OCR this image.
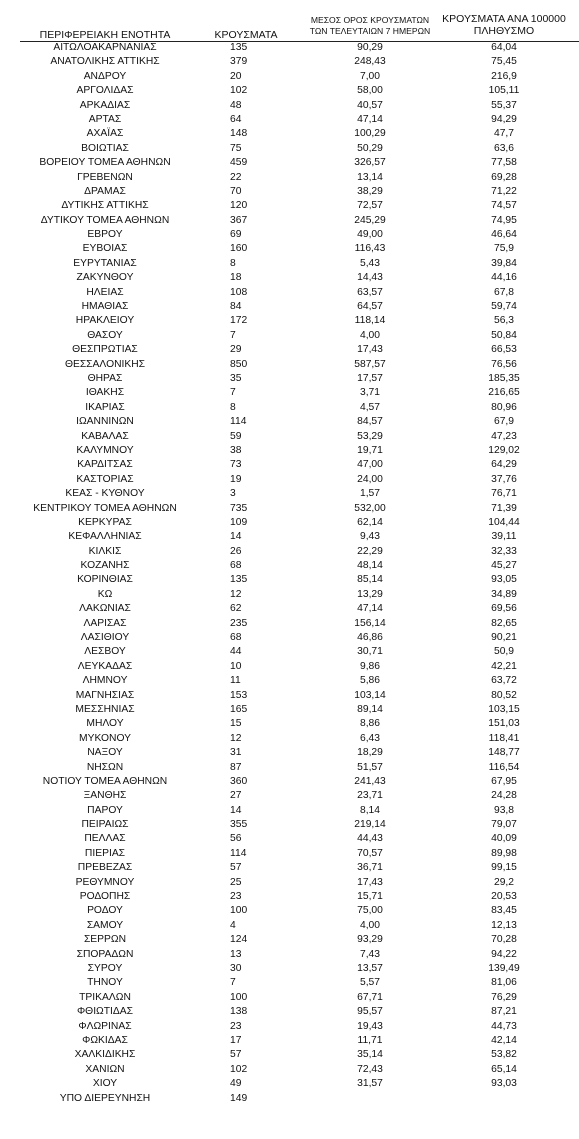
ΠΕΡΙΦΕΡΕΙΑΚΗ ΕΝΟΤΗΤΑ	ΚΡΟΥΣΜΑΤΑ
ΜΕΣΟΣ ΟΡΟΣ ΚΡΟΥΣΜΑΤΩΝ
ΤΩΝ ΤΕΛΕΥΤΑΙΩΝ 7 ΗΜΕΡΩΝ
ΚΡΟΥΣΜΑΤΑ ΑΝΑ 100000
ΠΛΗΘΥΣΜΟ
ΑΙΤΩΛΟΑΚΑΡΝΑΝΙΑΣ	135	90,29	64,04
ΑΝΑΤΟΛΙΚΗΣ ΑΤΤΙΚΗΣ	379	248,43	75,45
ΑΝΔΡΟΥ	20	7,00	216,9
ΑΡΓΟΛΙΔΑΣ	102	58,00	105,11
ΑΡΚΑΔΙΑΣ	48	40,57	55,37
ΑΡΤΑΣ	64	47,14	94,29
ΑΧΑΪΑΣ	148	100,29	47,7
ΒΟΙΩΤΙΑΣ	75	50,29	63,6
ΒΟΡΕΙΟΥ ΤΟΜΕΑ ΑΘΗΝΩΝ	459	326,57	77,58
ΓΡΕΒΕΝΩΝ	22	13,14	69,28
ΔΡΑΜΑΣ	70	38,29	71,22
ΔΥΤΙΚΗΣ ΑΤΤΙΚΗΣ	120	72,57	74,57
ΔΥΤΙΚΟΥ ΤΟΜΕΑ ΑΘΗΝΩΝ	367	245,29	74,95
ΕΒΡΟΥ	69	49,00	46,64
ΕΥΒΟΙΑΣ	160	116,43	75,9
ΕΥΡΥΤΑΝΙΑΣ	8	5,43	39,84
ΖΑΚΥΝΘΟΥ	18	14,43	44,16
ΗΛΕΙΑΣ	108	63,57	67,8
ΗΜΑΘΙΑΣ	84	64,57	59,74
ΗΡΑΚΛΕΙΟΥ	172	118,14	56,3
ΘΑΣΟΥ	7	4,00	50,84
ΘΕΣΠΡΩΤΙΑΣ	29	17,43	66,53
ΘΕΣΣΑΛΟΝΙΚΗΣ	850	587,57	76,56
ΘΗΡΑΣ	35	17,57	185,35
ΙΘΑΚΗΣ	7	3,71	216,65
ΙΚΑΡΙΑΣ	8	4,57	80,96
ΙΩΑΝΝΙΝΩΝ	114	84,57	67,9
ΚΑΒΑΛΑΣ	59	53,29	47,23
ΚΑΛΥΜΝΟΥ	38	19,71	129,02
ΚΑΡΔΙΤΣΑΣ	73	47,00	64,29
ΚΑΣΤΟΡΙΑΣ	19	24,00	37,76
ΚΕΑΣ - ΚΥΘΝΟΥ	3	1,57	76,71
ΚΕΝΤΡΙΚΟΥ ΤΟΜΕΑ ΑΘΗΝΩΝ	735	532,00	71,39
ΚΕΡΚΥΡΑΣ	109	62,14	104,44
ΚΕΦΑΛΛΗΝΙΑΣ	14	9,43	39,11
ΚΙΛΚΙΣ	26	22,29	32,33
ΚΟΖΑΝΗΣ	68	48,14	45,27
ΚΟΡΙΝΘΙΑΣ	135	85,14	93,05
ΚΩ	12	13,29	34,89
ΛΑΚΩΝΙΑΣ	62	47,14	69,56
ΛΑΡΙΣΑΣ	235	156,14	82,65
ΛΑΣΙΘΙΟΥ	68	46,86	90,21
ΛΕΣΒΟΥ	44	30,71	50,9
ΛΕΥΚΑΔΑΣ	10	9,86	42,21
ΛΗΜΝΟΥ	11	5,86	63,72
ΜΑΓΝΗΣΙΑΣ	153	103,14	80,52
ΜΕΣΣΗΝΙΑΣ	165	89,14	103,15
ΜΗΛΟΥ	15	8,86	151,03
ΜΥΚΟΝΟΥ	12	6,43	118,41
ΝΑΞΟΥ	31	18,29	148,77
ΝΗΣΩΝ	87	51,57	116,54
ΝΟΤΙΟΥ ΤΟΜΕΑ ΑΘΗΝΩΝ	360	241,43	67,95
ΞΑΝΘΗΣ	27	23,71	24,28
ΠΑΡΟΥ	14	8,14	93,8
ΠΕΙΡΑΙΩΣ	355	219,14	79,07
ΠΕΛΛΑΣ	56	44,43	40,09
ΠΙΕΡΙΑΣ	114	70,57	89,98
ΠΡΕΒΕΖΑΣ	57	36,71	99,15
ΡΕΘΥΜΝΟΥ	25	17,43	29,2
ΡΟΔΟΠΗΣ	23	15,71	20,53
ΡΟΔΟΥ	100	75,00	83,45
ΣΑΜΟΥ	4	4,00	12,13
ΣΕΡΡΩΝ	124	93,29	70,28
ΣΠΟΡΑΔΩΝ	13	7,43	94,22
ΣΥΡΟΥ	30	13,57	139,49
ΤΗΝΟΥ	7	5,57	81,06
ΤΡΙΚΑΛΩΝ	100	67,71	76,29
ΦΘΙΩΤΙΔΑΣ	138	95,57	87,21
ΦΛΩΡΙΝΑΣ	23	19,43	44,73
ΦΩΚΙΔΑΣ	17	11,71	42,14
ΧΑΛΚΙΔΙΚΗΣ	57	35,14	53,82
ΧΑΝΙΩΝ	102	72,43	65,14
ΧΙΟΥ	49	31,57	93,03
ΥΠΟ ΔΙΕΡΕΥΝΗΣΗ	149
